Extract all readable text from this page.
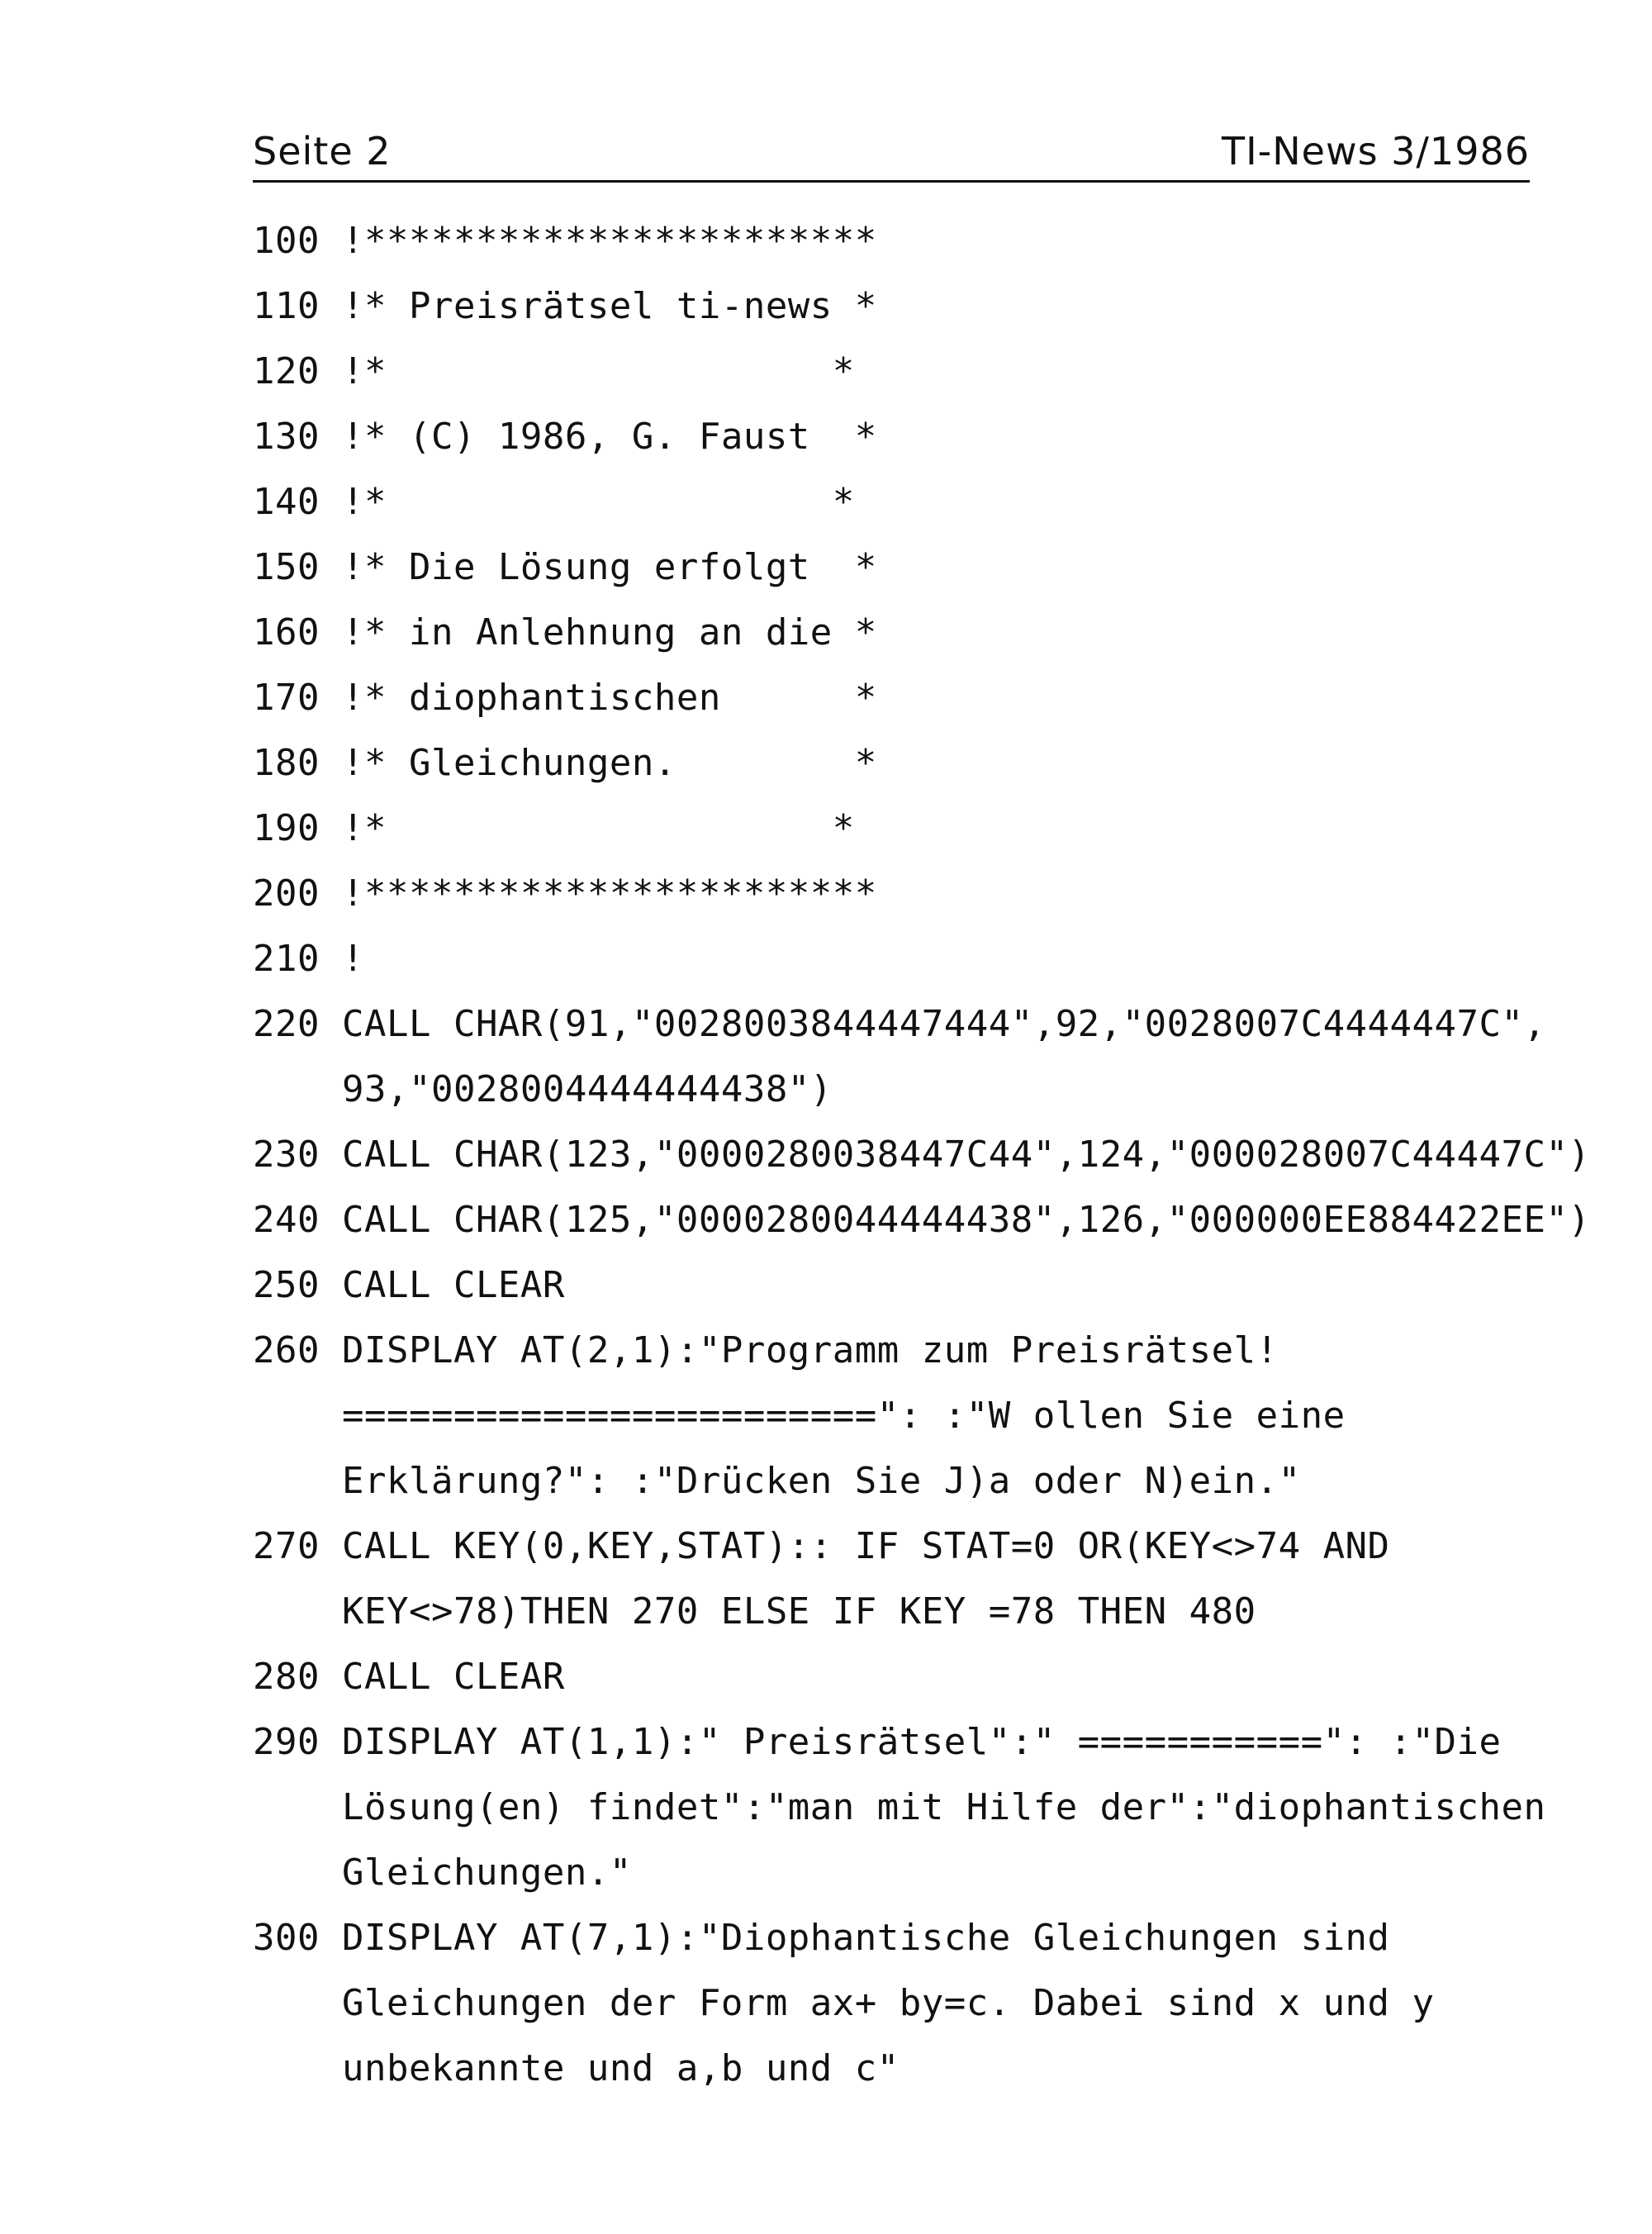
Seite 2	TI-News 3/1986
100 !***********************
110 !* Preisrätsel ti-news *
120 !*                    *
130 !* (C) 1986, G. Faust  *
140 !*                    *
150 !* Die Lösung erfolgt  *
160 !* in Anlehnung an die *
170 !* diophantischen      *
180 !* Gleichungen.        *
190 !*                    *
200 !***********************
210 !
220 CALL CHAR(91,"0028003844447444",92,"0028007C4444447C",
93,"0028004444444438")
230 CALL CHAR(123,"0000280038447C44",124,"000028007C44447C")
240 CALL CHAR(125,"0000280044444438",126,"000000EE884422EE")
250 CALL CLEAR
260 DISPLAY AT(2,1):"Programm zum Preisrätsel!
========================": :"W ollen Sie eine
Erklärung?": :"Drücken Sie J)a oder N)ein."
270 CALL KEY(0,KEY,STAT):: IF STAT=0 OR(KEY<>74 AND
KEY<>78)THEN 270 ELSE IF KEY =78 THEN 480
280 CALL CLEAR
290 DISPLAY AT(1,1):" Preisrätsel":" ===========": :"Die
Lösung(en) findet":"man mit Hilfe der":"diophantischen
Gleichungen."
300 DISPLAY AT(7,1):"Diophantische Gleichungen sind
Gleichungen der Form ax+ by=c. Dabei sind x und y
unbekannte und a,b und c"
